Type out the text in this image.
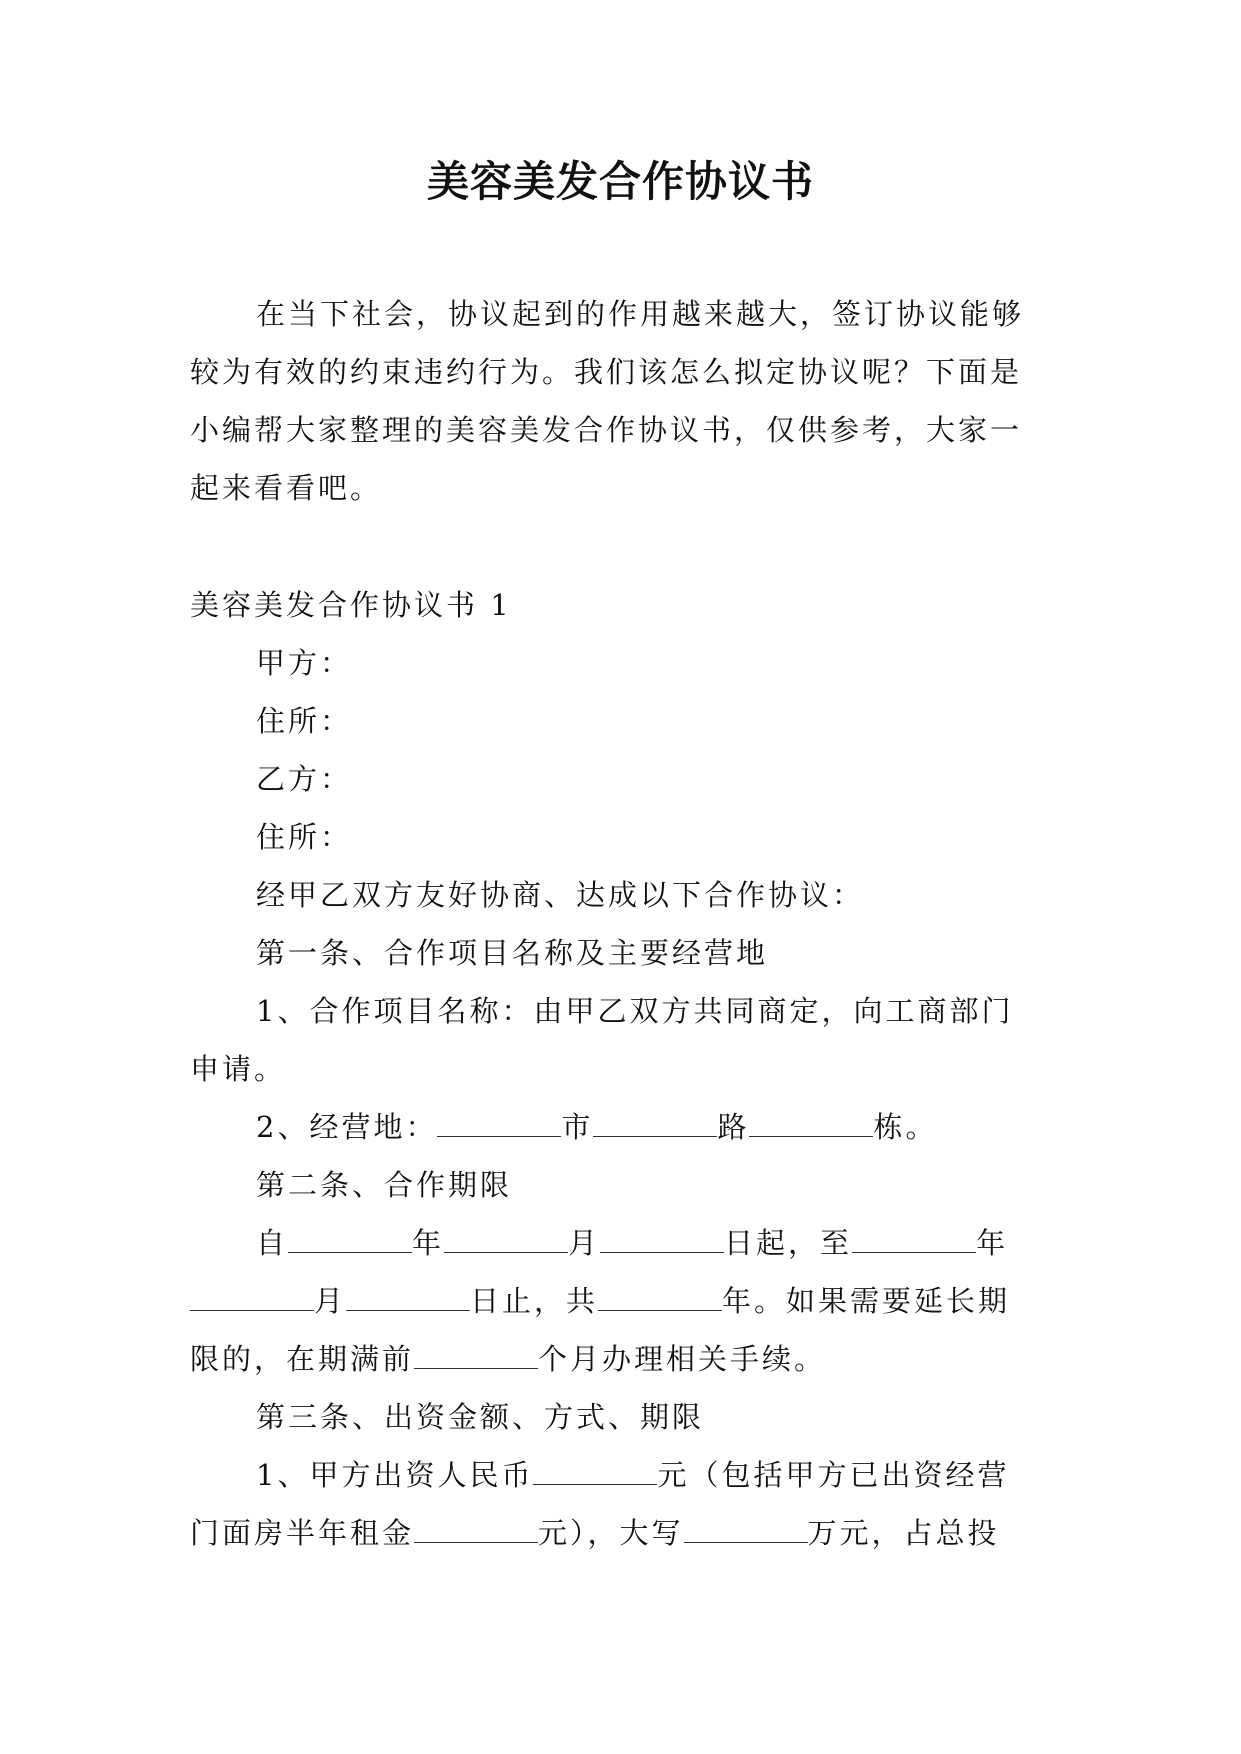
美容美发合作协议书
在当下社会，协议起到的作用越来越大，签订协议能够
较为有效的约束违约行为。我们该怎么拟定协议呢？下面是
小编帮大家整理的美容美发合作协议书，仅供参考，大家一
起来看看吧。
美容美发合作协议书 1
甲方：
住所：
乙方：
住所：
经甲乙双方友好协商、达成以下合作协议：
第一条、合作项目名称及主要经营地
1、合作项目名称：由甲乙双方共同商定，向工商部门
申请。
2、经营地：	市	路	栋。
第二条、合作期限
自	年	月	日起，至	年
月	日止，共	年。如果需要延长期
限的，在期满前	个月办理相关手续。
第三条、出资金额、方式、期限
1、甲方出资人民币	元（包括甲方已出资经营
门面房半年租金	元），大写	万元，占总投
